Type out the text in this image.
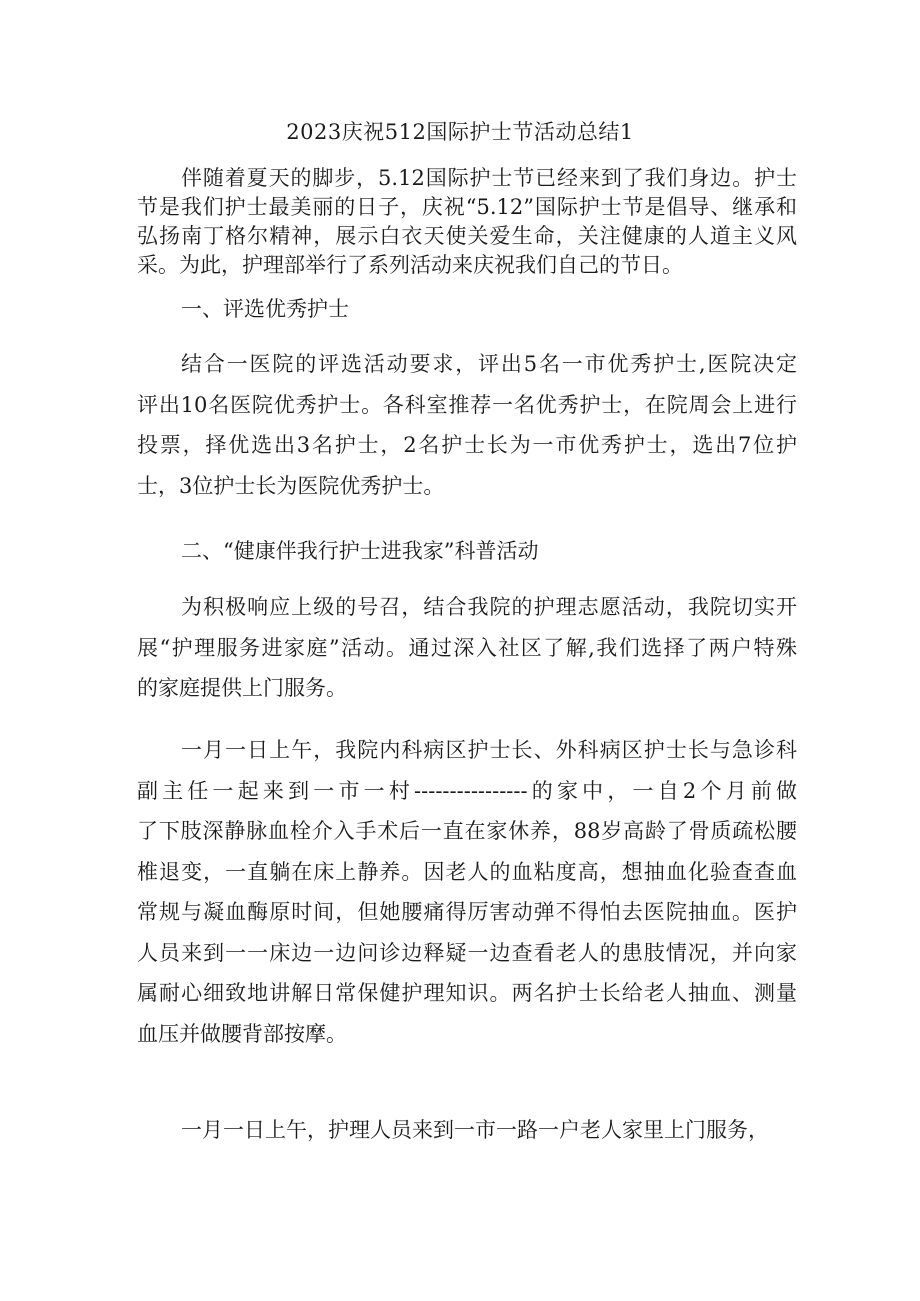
2023庆祝512国际护士节活动总结1
伴随着夏天的脚步，5.12国际护士节已经来到了我们身边。护士
节是我们护士最美丽的日子，庆祝“5.12”国际护士节是倡导、继承和
弘扬南丁格尔精神，展示白衣天使关爱生命，关注健康的人道主义风
采。为此，护理部举行了系列活动来庆祝我们自己的节日。
一、评选优秀护士
结合一医院的评选活动要求，评出5名一市优秀护士,医院决定
评出10名医院优秀护士。各科室推荐一名优秀护士，在院周会上进行
投票，择优选出3名护士，2名护士长为一市优秀护士，选出7位护
士，3位护士长为医院优秀护士。
二、“健康伴我行护士进我家”科普活动
为积极响应上级的号召，结合我院的护理志愿活动，我院切实开
展“护理服务进家庭”活动。通过深入社区了解,我们选择了两户特殊
的家庭提供上门服务。
一月一日上午，我院内科病区护士长、外科病区护士长与急诊科
副主任一起来到一市一村----------------的家中，一自2个月前做
了下肢深静脉血栓介入手术后一直在家休养，88岁高龄了骨质疏松腰
椎退变，一直躺在床上静养。因老人的血粘度高，想抽血化验查查血
常规与凝血酶原时间，但她腰痛得厉害动弹不得怕去医院抽血。医护
人员来到一一床边一边问诊边释疑一边查看老人的患肢情况，并向家
属耐心细致地讲解日常保健护理知识。两名护士长给老人抽血、测量
血压并做腰背部按摩。
一月一日上午，护理人员来到一市一路一户老人家里上门服务，
